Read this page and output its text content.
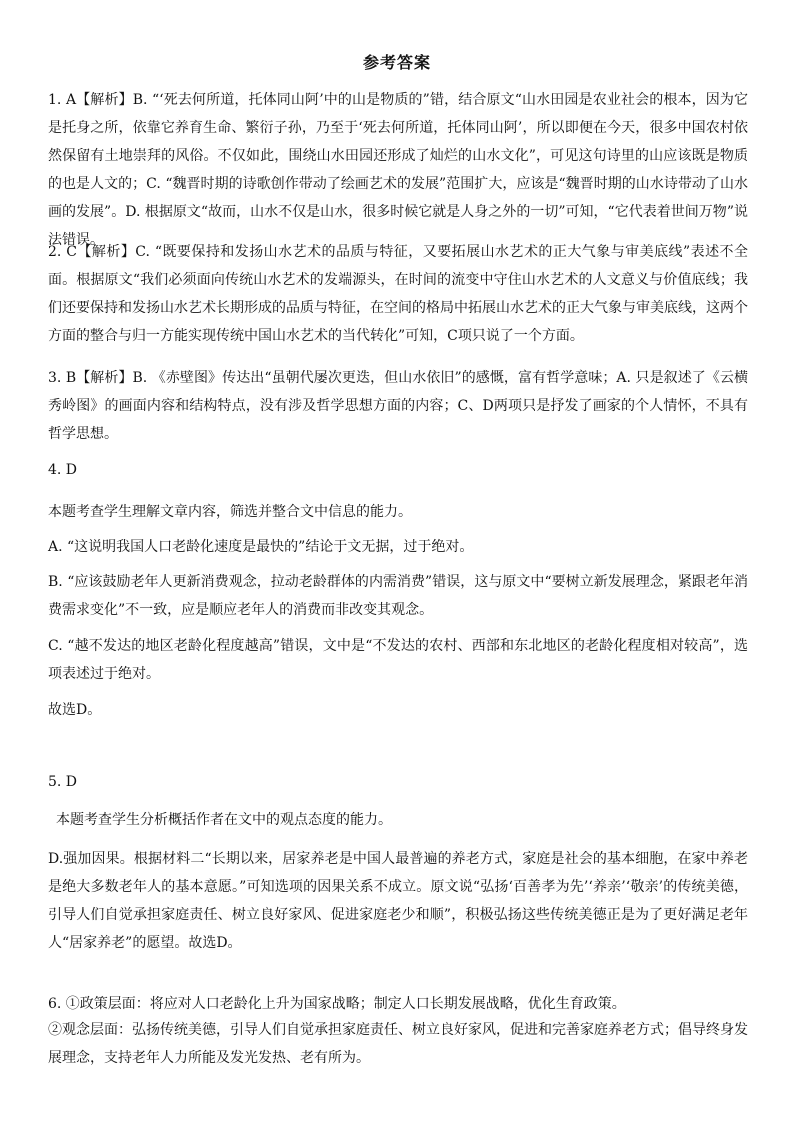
参考答案

1. A【解析】B. “‘死去何所道，托体同山阿’中的山是物质的”错，结合原文“山水田园是农业社会的根本，因为它是托身之所，依靠它养育生命、繁衍子孙，乃至于‘死去何所道，托体同山阿’，所以即便在今天，很多中国农村依然保留有土地崇拜的风俗。不仅如此，围绕山水田园还形成了灿烂的山水文化”，可见这句诗里的山应该既是物质的也是人文的；C. “魏晋时期的诗歌创作带动了绘画艺术的发展”范围扩大，应该是“魏晋时期的山水诗带动了山水画的发展”。D. 根据原文“故而，山水不仅是山水，很多时候它就是人身之外的一切”可知，“它代表着世间万物”说法错误。

2. C【解析】C. “既要保持和发扬山水艺术的品质与特征，又要拓展山水艺术的正大气象与审美底线”表述不全面。根据原文“我们必须面向传统山水艺术的发端源头，在时间的流变中守住山水艺术的人文意义与价值底线；我们还要保持和发扬山水艺术长期形成的品质与特征，在空间的格局中拓展山水艺术的正大气象与审美底线，这两个方面的整合与归一方能实现传统中国山水艺术的当代转化”可知，C项只说了一个方面。

3. B【解析】B. 《赤壁图》传达出“虽朝代屡次更迭，但山水依旧”的感慨，富有哲学意味；A. 只是叙述了《云横秀岭图》的画面内容和结构特点，没有涉及哲学思想方面的内容；C、D两项只是抒发了画家的个人情怀，不具有哲学思想。

4. D

本题考查学生理解文章内容，筛选并整合文中信息的能力。

A. “这说明我国人口老龄化速度是最快的”结论于文无据，过于绝对。

B. “应该鼓励老年人更新消费观念，拉动老龄群体的内需消费”错误，这与原文中“要树立新发展理念，紧跟老年消费需求变化”不一致，应是顺应老年人的消费而非改变其观念。

C. “越不发达的地区老龄化程度越高”错误，文中是“不发达的农村、西部和东北地区的老龄化程度相对较高”，选项表述过于绝对。

故选D。

5. D

本题考查学生分析概括作者在文中的观点态度的能力。

D.强加因果。根据材料二“长期以来，居家养老是中国人最普遍的养老方式，家庭是社会的基本细胞，在家中养老是绝大多数老年人的基本意愿。”可知选项的因果关系不成立。原文说“弘扬‘百善孝为先’‘养亲’‘敬亲’的传统美德，引导人们自觉承担家庭责任、树立良好家风、促进家庭老少和顺”，积极弘扬这些传统美德正是为了更好满足老年人“居家养老”的愿望。故选D。

6. ①政策层面：将应对人口老龄化上升为国家战略；制定人口长期发展战略，优化生育政策。

②观念层面：弘扬传统美德，引导人们自觉承担家庭责任、树立良好家风，促进和完善家庭养老方式；倡导终身发展理念，支持老年人力所能及发光发热、老有所为。
